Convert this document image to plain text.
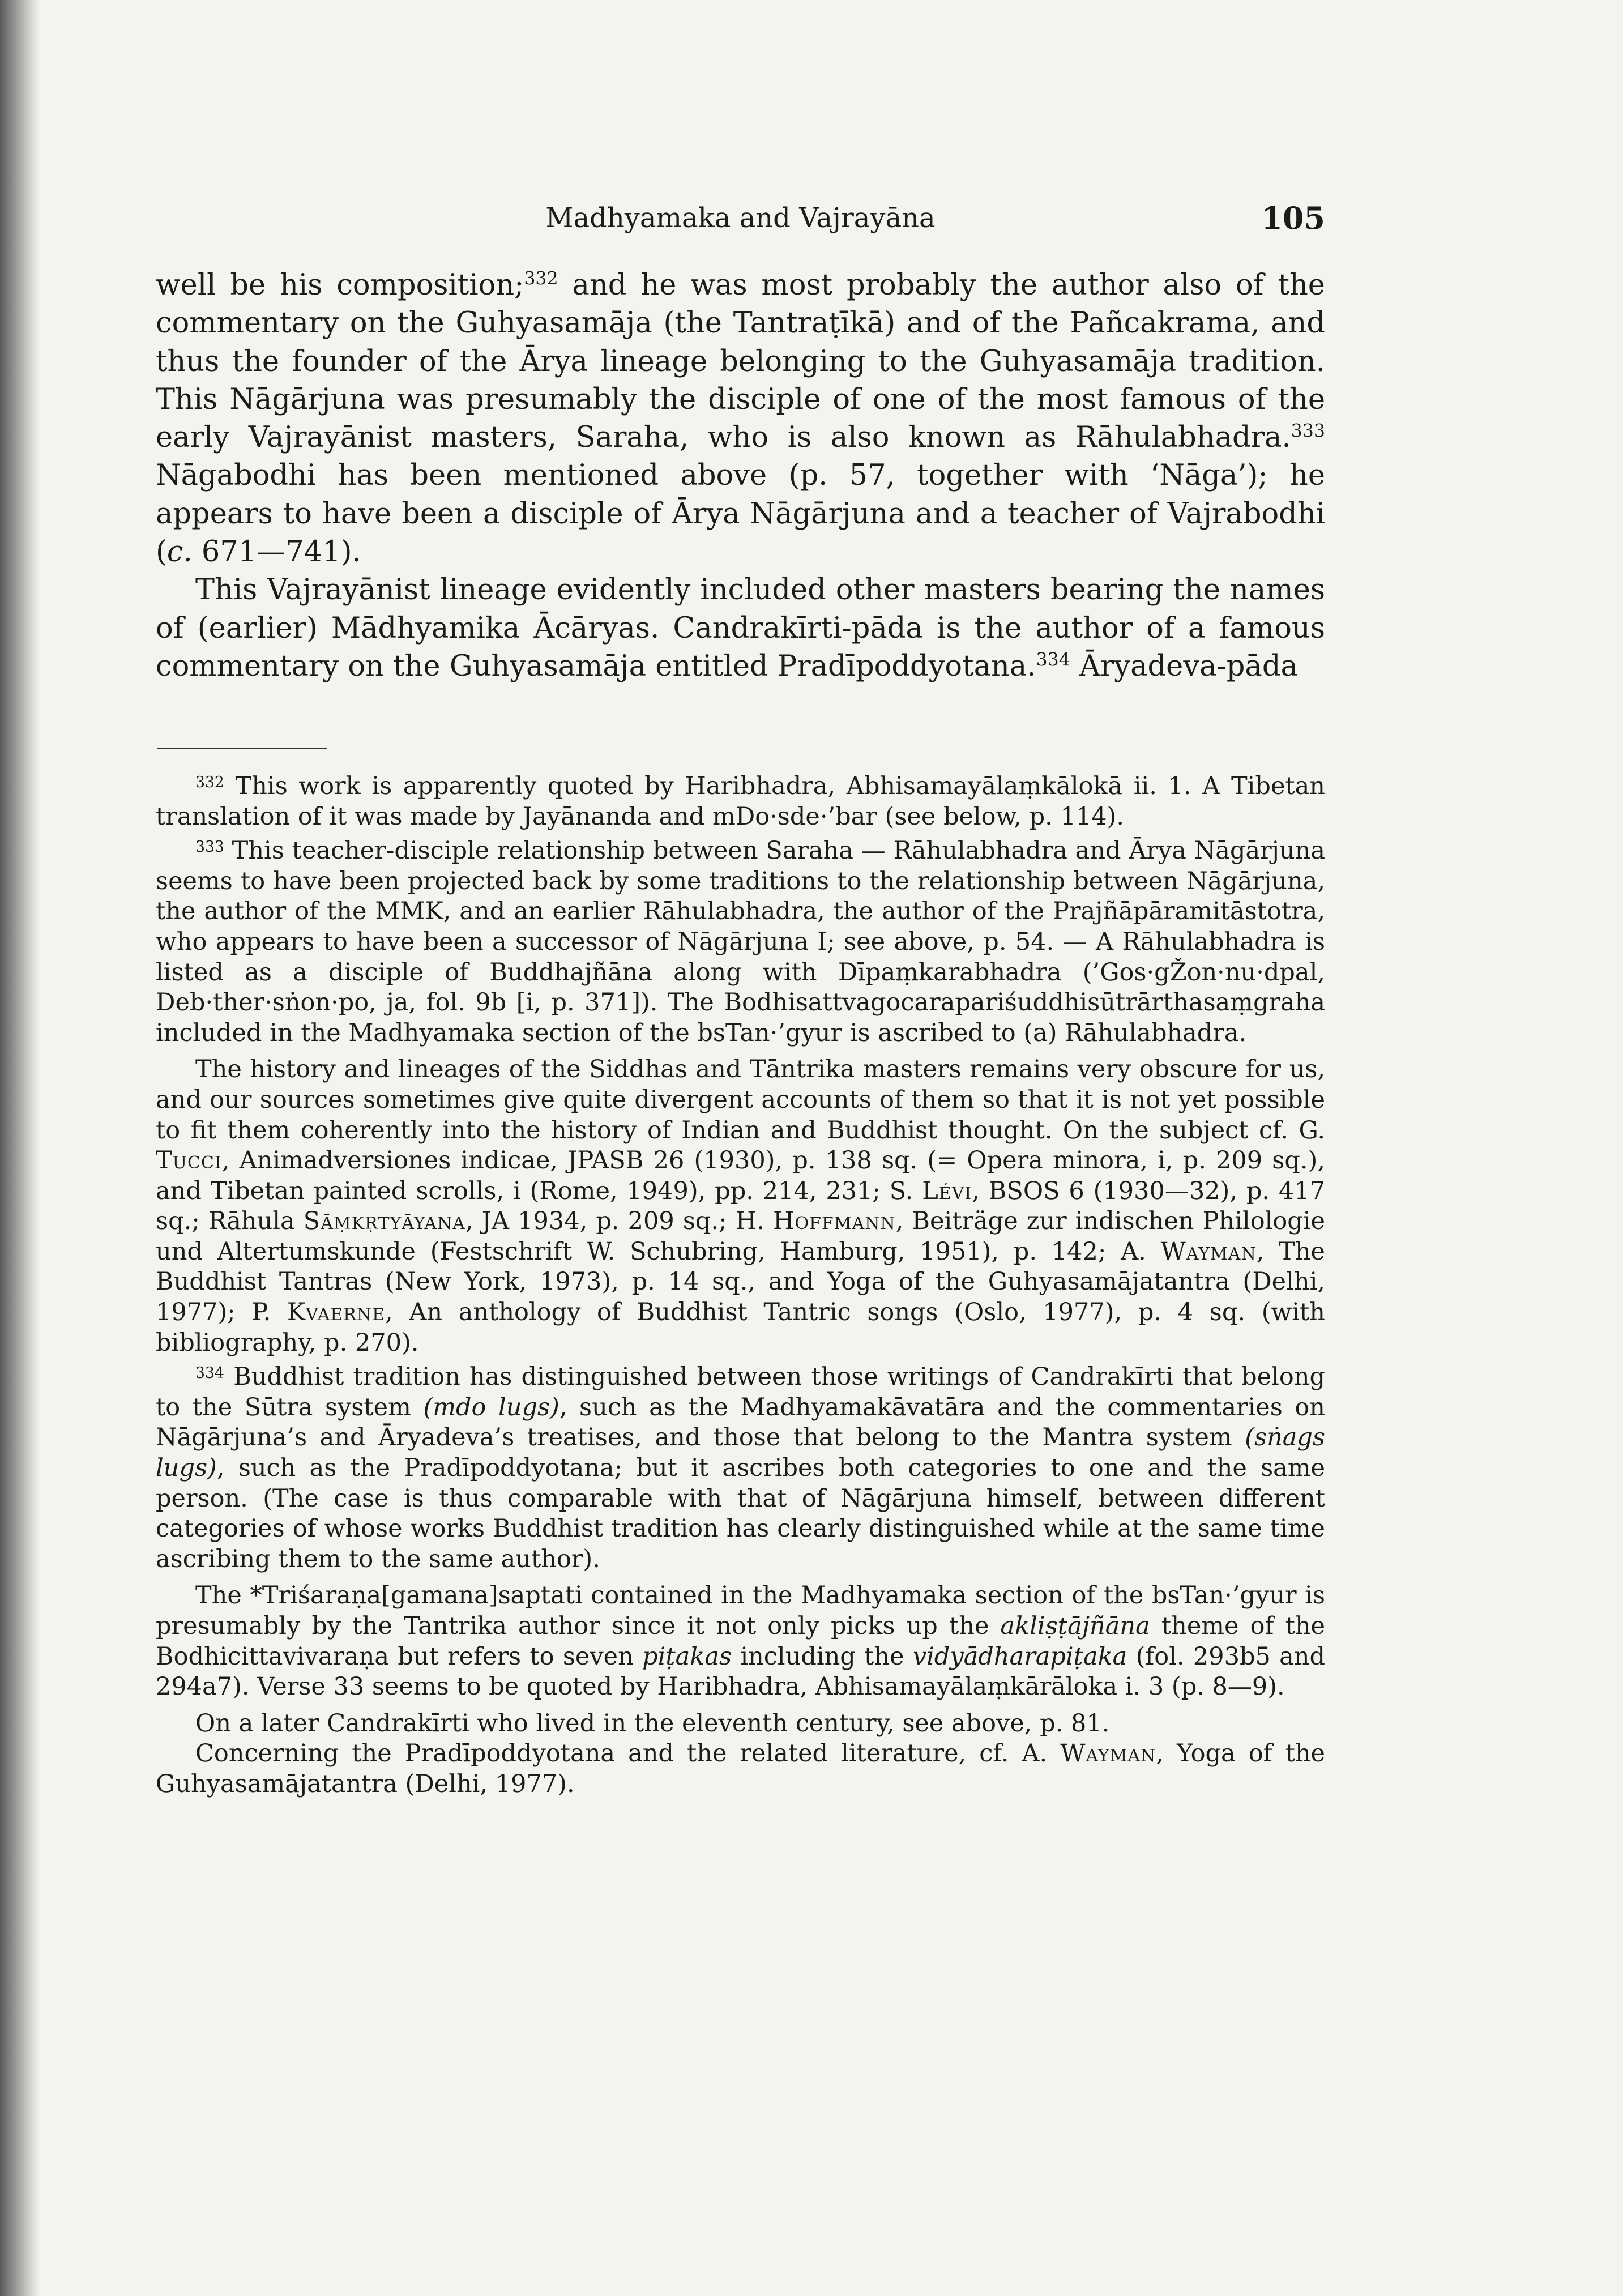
Madhyamaka and Vajrayāna	105

well be his composition;$^{332}$ and he was most probably the author also of the commentary on the Guhyasamāja (the Tantraṭīkā) and of the Pañcakrama, and thus the founder of the Ārya lineage belonging to the Guhyasamāja tradition. This Nāgārjuna was presumably the disciple of one of the most famous of the early Vajrayānist masters, Saraha, who is also known as Rāhulabhadra.$^{333}$ Nāgabodhi has been mentioned above (p. 57, together with ‘Nāga’); he appears to have been a disciple of Ārya Nāgārjuna and a teacher of Vajrabodhi (c. 671—741).

This Vajrayānist lineage evidently included other masters bearing the names of (earlier) Mādhyamika Ācāryas. Candrakīrti-pāda is the author of a famous commentary on the Guhyasamāja entitled Pradīpoddyotana.$^{334}$ Āryadeva-pāda

$^{332}$ This work is apparently quoted by Haribhadra, Abhisamayālaṃkālokā ii. 1. A Tibetan translation of it was made by Jayānanda and mDo·sde·’bar (see below, p. 114).

$^{333}$ This teacher-disciple relationship between Saraha — Rāhulabhadra and Ārya Nāgārjuna seems to have been projected back by some traditions to the relationship between Nāgārjuna, the author of the MMK, and an earlier Rāhulabhadra, the author of the Prajñāpāramitāstotra, who appears to have been a successor of Nāgārjuna I; see above, p. 54. — A Rāhulabhadra is listed as a disciple of Buddhajñāna along with Dīpaṃkarabhadra (’Gos·gŽon·nu·dpal, Deb·ther·sṅon·po, ja, fol. 9b [i, p. 371]). The Bodhisattvagocarapariśuddhisūtrārthasaṃgraha included in the Madhyamaka section of the bsTan·’gyur is ascribed to (a) Rāhulabhadra.

The history and lineages of the Siddhas and Tāntrika masters remains very obscure for us, and our sources sometimes give quite divergent accounts of them so that it is not yet possible to fit them coherently into the history of Indian and Buddhist thought. On the subject cf. G. Tucci, Animadversiones indicae, JPASB 26 (1930), p. 138 sq. (= Opera minora, i, p. 209 sq.), and Tibetan painted scrolls, i (Rome, 1949), pp. 214, 231; S. Lévi, BSOS 6 (1930—32), p. 417 sq.; Rāhula Sāṃkṛtyāyana, JA 1934, p. 209 sq.; H. Hoffmann, Beiträge zur indischen Philologie und Altertumskunde (Festschrift W. Schubring, Hamburg, 1951), p. 142; A. Wayman, The Buddhist Tantras (New York, 1973), p. 14 sq., and Yoga of the Guhyasamājatantra (Delhi, 1977); P. Kvaerne, An anthology of Buddhist Tantric songs (Oslo, 1977), p. 4 sq. (with bibliography, p. 270).

$^{334}$ Buddhist tradition has distinguished between those writings of Candrakīrti that belong to the Sūtra system (mdo lugs), such as the Madhyamakāvatāra and the commentaries on Nāgārjuna’s and Āryadeva’s treatises, and those that belong to the Mantra system (sṅags lugs), such as the Pradīpoddyotana; but it ascribes both categories to one and the same person. (The case is thus comparable with that of Nāgārjuna himself, between different categories of whose works Buddhist tradition has clearly distinguished while at the same time ascribing them to the same author).

The *Triśaraṇa[gamana]saptati contained in the Madhyamaka section of the bsTan·’gyur is presumably by the Tantrika author since it not only picks up the akliṣṭājñāna theme of the Bodhicittavivaraṇa but refers to seven piṭakas including the vidyādharapiṭaka (fol. 293b5 and 294a7). Verse 33 seems to be quoted by Haribhadra, Abhisamayālaṃkārāloka i. 3 (p. 8—9).

On a later Candrakīrti who lived in the eleventh century, see above, p. 81.

Concerning the Pradīpoddyotana and the related literature, cf. A. Wayman, Yoga of the Guhyasamājatantra (Delhi, 1977).
